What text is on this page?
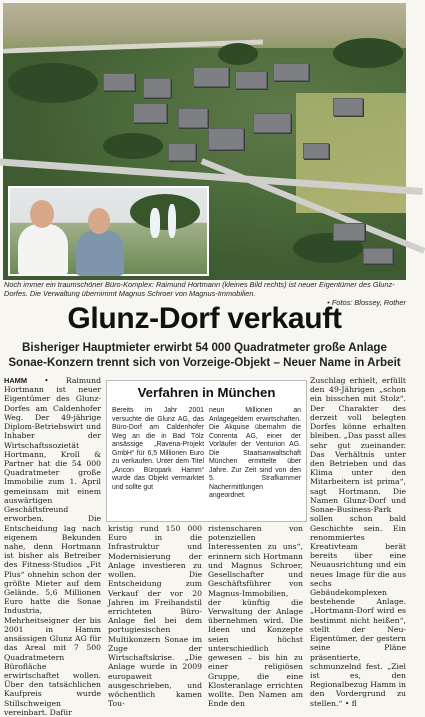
Noch immer ein traumschöner Büro-Komplex: Raimund Hortmann (kleines Bild rechts) ist neuer Eigentümer des Glunz-Dorfes. Die Verwaltung übernimmt Magnus Schroer von Magnus-Immobilien.
• Fotos: Blossey, Rother
Glunz-Dorf verkauft
Bisheriger Hauptmieter erwirbt 54 000 Quadratmeter große Anlage
Sonae-Konzern trennt sich von Vorzeige-Objekt – Neuer Name in Arbeit

HAMM • Raimund Hortmann ist neuer Eigentümer des Glunz-Dorfes am Caldenhofer Weg. Der 49-jährige Diplom-Betriebswirt und Inhaber der Wirtschaftssozietät Hortmann, Kroll & Partner hat die 54 000 Quadratmeter große Immobilie zum 1. April gemeinsam mit einem auswärtigen Geschäftsfreund erworben. Die Entscheidung lag nach eigenem Bekunden nahe, denn Hortmann ist bisher als Betreiber des Fitness-Studios „Fit Plus“ ohnehin schon der größte Mieter auf dem Gelände. 5,6 Millionen Euro hatte die Sonae Industria, Mehrheitseigner der bis 2001 in Hamm ansässigen Glunz AG für das Areal mit 7 500 Quadratmetern Bürofläche erwirtschaftet wollen. Über den tatsächlichen Kaufpreis wurde Stillschweigen vereinbart. Dafür

Verfahren in München

Bereits im Jahr 2001 versuchte die Glunz AG, das Büro-Dorf am Caldenhofer Weg an die in Bad Tölz ansässige „Ravena-Projekt GmbH“ für 6,5 Millionen Euro zu verkaufen. Unter dem Titel „Ancon Büropark Hamm“ wurde das Objekt vermarktet und sollte gut

neun Millionen an Anlagegeldern erwirtschaften. Die Akquise übernahm die Conrenta AG, einer der Vorläufer der Venturion AG. Die Staatsanwaltschaft München ermittelte über Jahre. Zur Zeit sind von den 5. Strafkammer Nachermittlungen angeordnet.

kristig rund 150 000 Euro in die Infrastruktur und Modernisierung der Anlage investieren zu wollen. Die Entscheidung zum Verkauf der vor 20 Jahren im Freihandstil errichteten Büro-Anlage fiel bei dem portugiesischen Multikonzern Sonae im Zuge der Wirtschaftskrise. „Die Anlage wurde in 2009 europaweit ausgeschrieben, und wöchentlich kamen Tou-

ristenscharen von potenziellen Interessenten zu uns“, erinnern sich Hortmann und Magnus Schroer, Gesellschafter und Geschäftsführer von Magnus-Immobilien, der künftig die Verwaltung der Anlage übernehmen wird. Die Ideen und Konzepte seien höchst unterschiedlich gewesen – bis hin zu einer religiösen Gruppe, die eine Klosteranlage errichten wollte. Den Namen am Ende den

Zuschlag erhielt, erfüllt den 49-Jährigen „schon ein bisschen mit Stolz“. Der Charakter des derzeit voll belegten Dorfes könne erhalten bleiben. „Das passt alles sehr gut zueinander. Das Verhältnis unter den Betrieben und das Klima unter den Mitarbeitern ist prima“, sagt Hortmann. Die Namen Glunz-Dorf und Sonae-Business-Park sollen schon bald Geschichte sein. Ein renommiertes Kreativteam berät bereits über eine Neuausrichtung und ein neues Image für die aus sechs Gebäudekomplexen bestehende Anlage. „Hortmann-Dorf wird es bestimmt nicht heißen“, stellt der Neu-Eigentümer, der gestern seine Pläne präsentierte, schmunzelnd fest. „Ziel ist es, den Regionalbezug Hamm in den Vordergrund zu stellen.“ • fl
